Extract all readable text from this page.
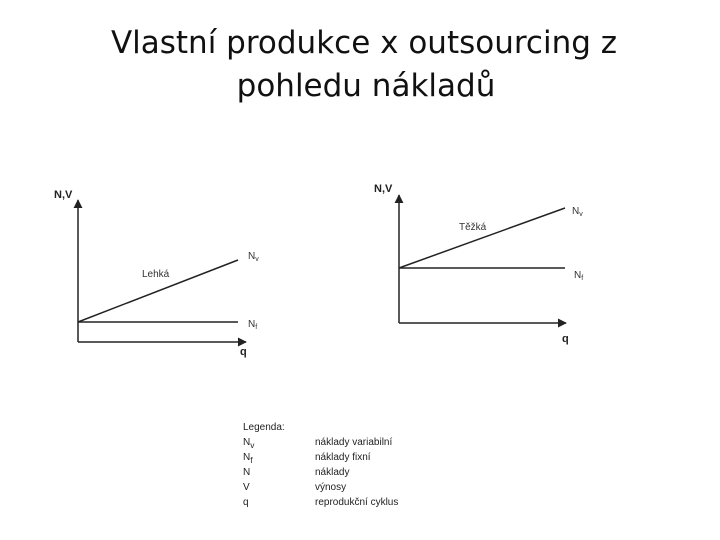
Vlastní produkce x outsourcing z
pohledu nákladů
N,V
q
Lehká
$N_v$
$N_f$
N,V
q
Těžká
$N_v$
$N_f$
Legenda:
$N_v$	náklady variabilní
$N_f$	náklady fixní
N	náklady
V	výnosy
q	reprodukční cyklus
